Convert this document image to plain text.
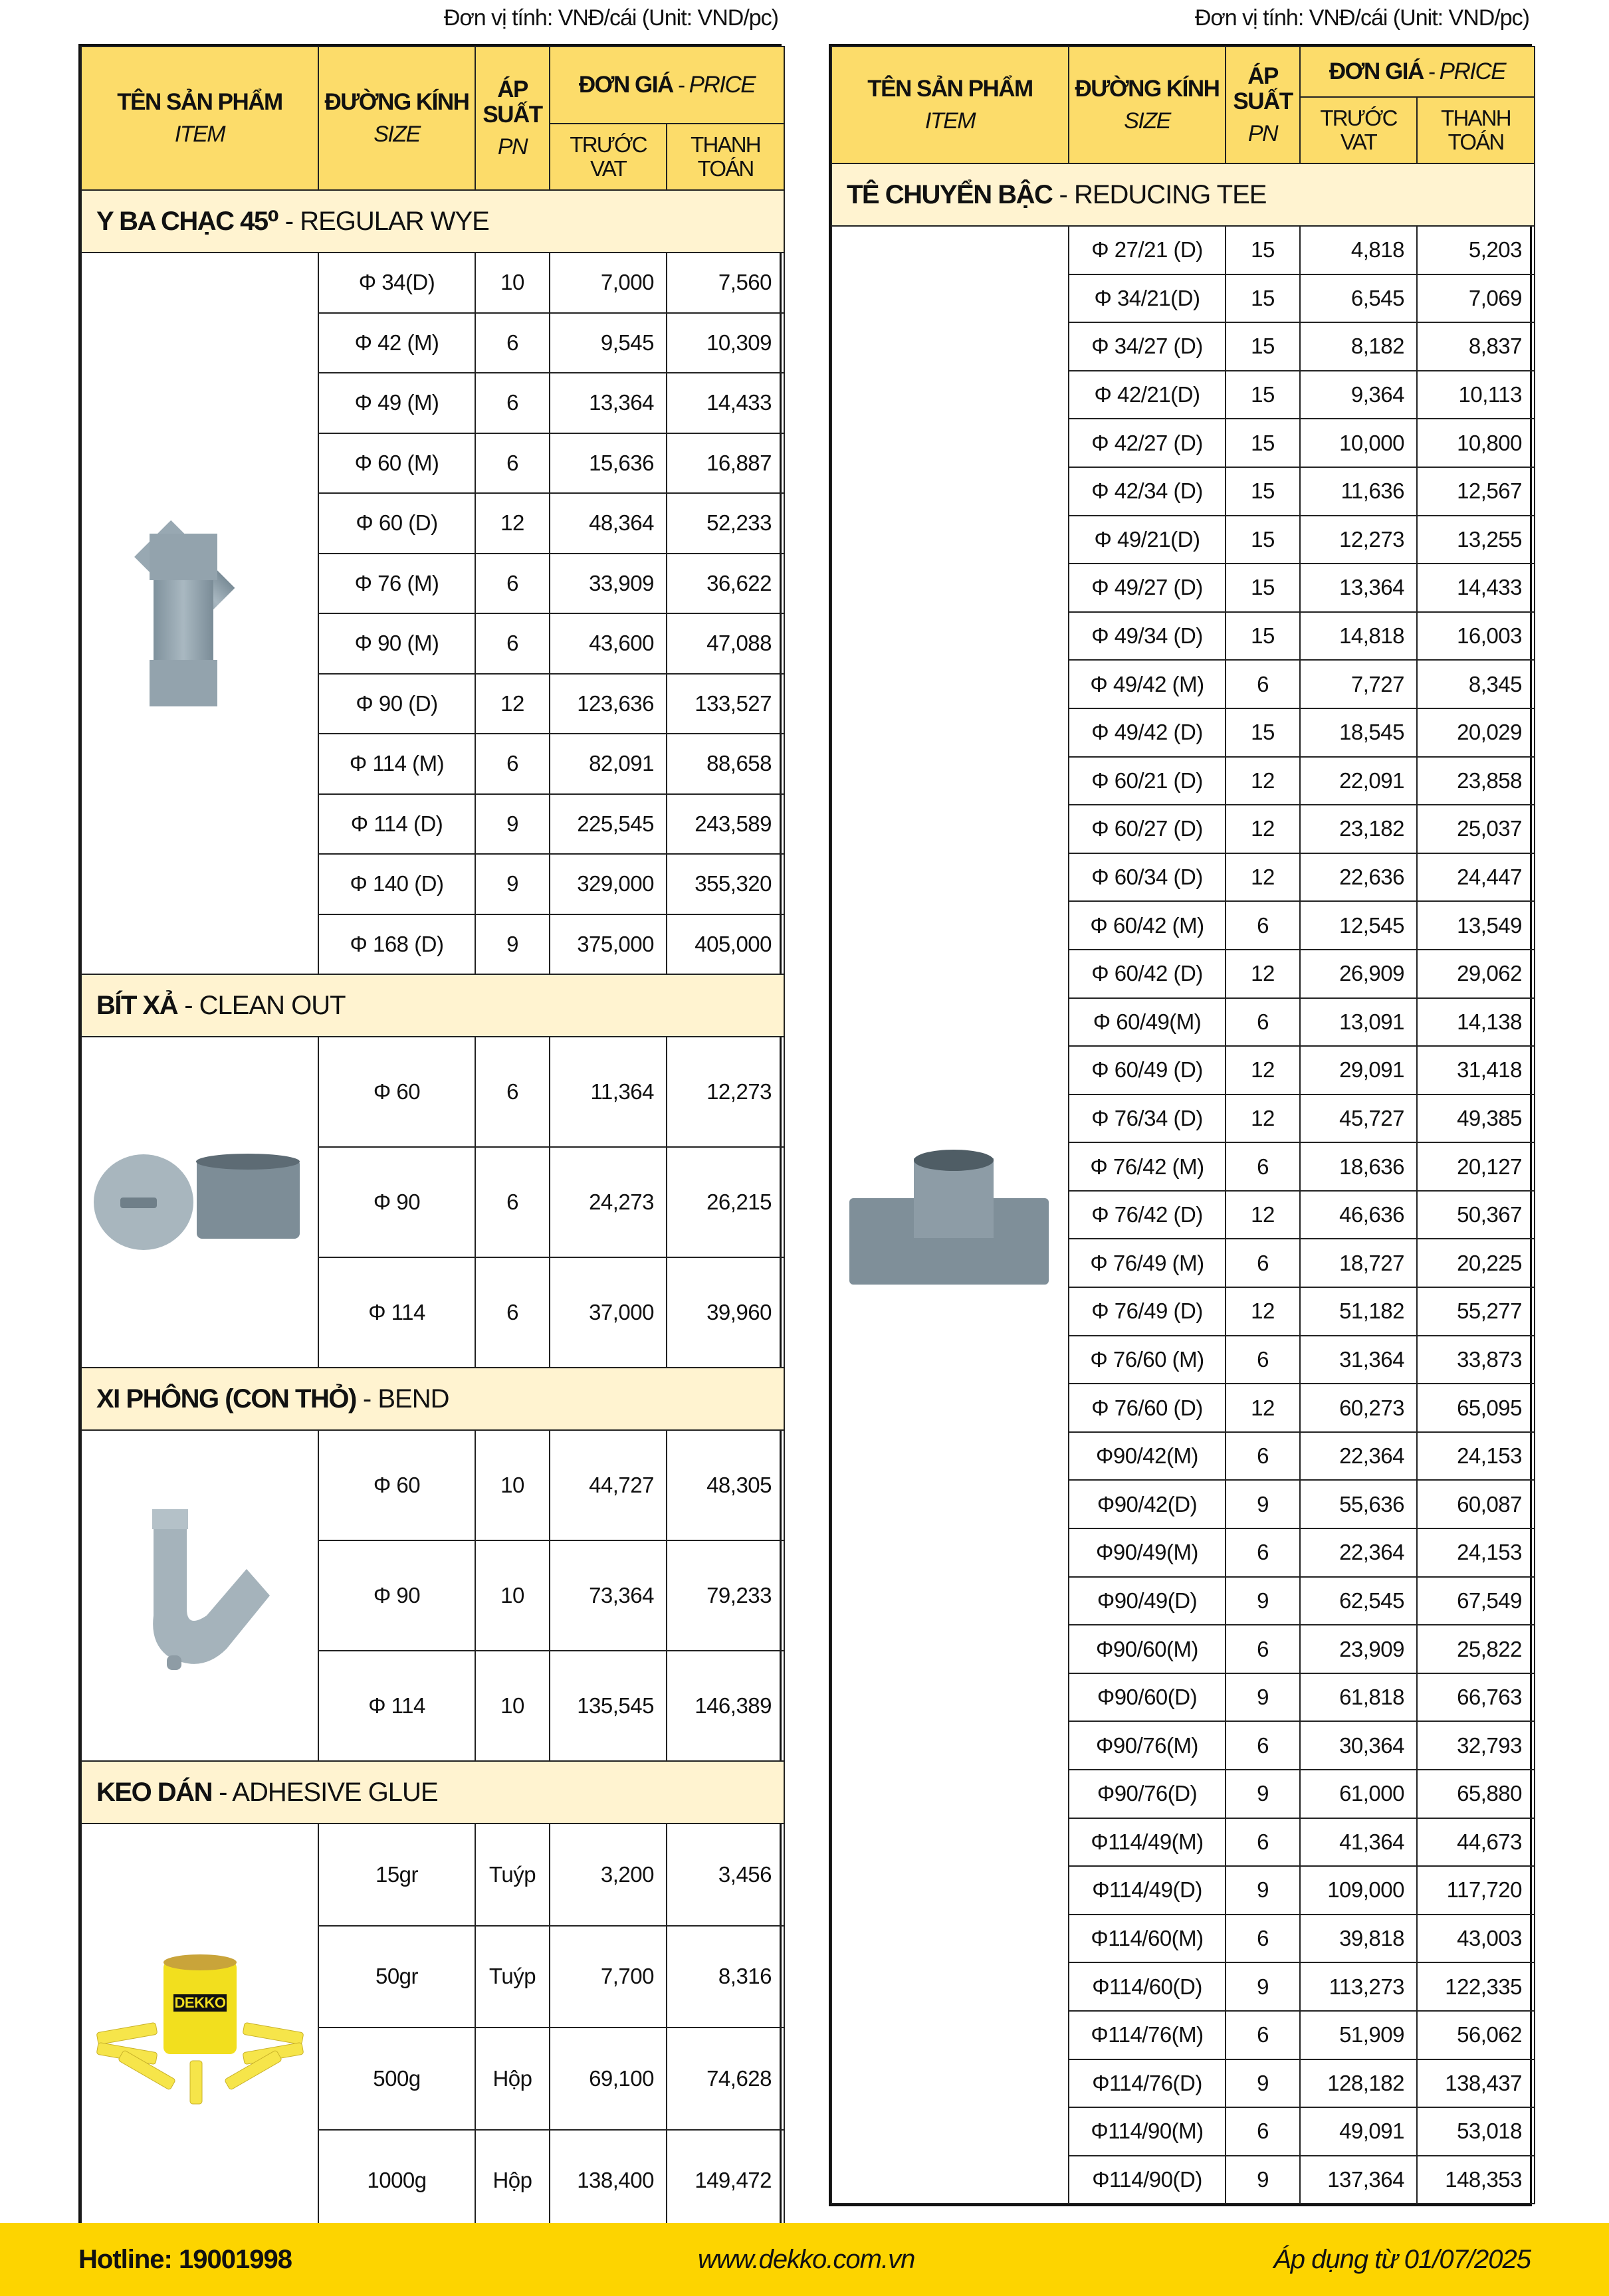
Đơn vị tính: VNĐ/cái (Unit: VND/pc)	Đơn vị tính: VNĐ/cái (Unit: VND/pc)
TÊN SẢN PHẨM
ITEM	ĐƯỜNG KÍNH
SIZE	ÁP
SUẤT
PN	ĐƠN GIÁ - PRICE	
			TRƯỚC VAT	THANH TOÁN
Y BA CHẠC 45⁰ - REGULAR WYE				

	Φ 34(D)	10	7,000	7,560
	Φ 42 (M)	6	9,545	10,309
	Φ 49 (M)	6	13,364	14,433
	Φ 60 (M)	6	15,636	16,887
	Φ 60 (D)	12	48,364	52,233
	Φ 76 (M)	6	33,909	36,622
	Φ 90 (M)	6	43,600	47,088
	Φ 90 (D)	12	123,636	133,527
	Φ 114 (M)	6	82,091	88,658
	Φ 114 (D)	9	225,545	243,589
	Φ 140 (D)	9	329,000	355,320
	Φ 168 (D)	9	375,000	405,000
BÍT XẢ - CLEAN OUT				

	Φ 60	6	11,364	12,273
	Φ 90	6	24,273	26,215
	Φ 114	6	37,000	39,960
XI PHÔNG (CON THỎ) - BEND				

	Φ 60	10	44,727	48,305
	Φ 90	10	73,364	79,233
	Φ 114	10	135,545	146,389
KEO DÁN - ADHESIVE GLUE				

DEKKO	15gr	Tuýp	3,200	3,456
	50gr	Tuýp	7,700	8,316
	500g	Hộp	69,100	74,628
	1000g	Hộp	138,400	149,472
TÊN SẢN PHẨM
ITEM	ĐƯỜNG KÍNH
SIZE	ÁP
SUẤT
PN	ĐƠN GIÁ - PRICE	
			TRƯỚC VAT	THANH TOÁN
TÊ CHUYỂN BẬC - REDUCING TEE				

	Φ 27/21 (D)	15	4,818	5,203
	Φ 34/21(D)	15	6,545	7,069
	Φ 34/27 (D)	15	8,182	8,837
	Φ 42/21(D)	15	9,364	10,113
	Φ 42/27 (D)	15	10,000	10,800
	Φ 42/34 (D)	15	11,636	12,567
	Φ 49/21(D)	15	12,273	13,255
	Φ 49/27 (D)	15	13,364	14,433
	Φ 49/34 (D)	15	14,818	16,003
	Φ 49/42 (M)	6	7,727	8,345
	Φ 49/42 (D)	15	18,545	20,029
	Φ 60/21 (D)	12	22,091	23,858
	Φ 60/27 (D)	12	23,182	25,037
	Φ 60/34 (D)	12	22,636	24,447
	Φ 60/42 (M)	6	12,545	13,549
	Φ 60/42 (D)	12	26,909	29,062
	Φ 60/49(M)	6	13,091	14,138
	Φ 60/49 (D)	12	29,091	31,418
	Φ 76/34 (D)	12	45,727	49,385
	Φ 76/42 (M)	6	18,636	20,127
	Φ 76/42 (D)	12	46,636	50,367
	Φ 76/49 (M)	6	18,727	20,225
	Φ 76/49 (D)	12	51,182	55,277
	Φ 76/60 (M)	6	31,364	33,873
	Φ 76/60 (D)	12	60,273	65,095
	Φ90/42(M)	6	22,364	24,153
	Φ90/42(D)	9	55,636	60,087
	Φ90/49(M)	6	22,364	24,153
	Φ90/49(D)	9	62,545	67,549
	Φ90/60(M)	6	23,909	25,822
	Φ90/60(D)	9	61,818	66,763
	Φ90/76(M)	6	30,364	32,793
	Φ90/76(D)	9	61,000	65,880
	Φ114/49(M)	6	41,364	44,673
	Φ114/49(D)	9	109,000	117,720
	Φ114/60(M)	6	39,818	43,003
	Φ114/60(D)	9	113,273	122,335
	Φ114/76(M)	6	51,909	56,062
	Φ114/76(D)	9	128,182	138,437
	Φ114/90(M)	6	49,091	53,018
	Φ114/90(D)	9	137,364	148,353
Hotline: 19001998	www.dekko.com.vn	Áp dụng từ 01/07/2025
